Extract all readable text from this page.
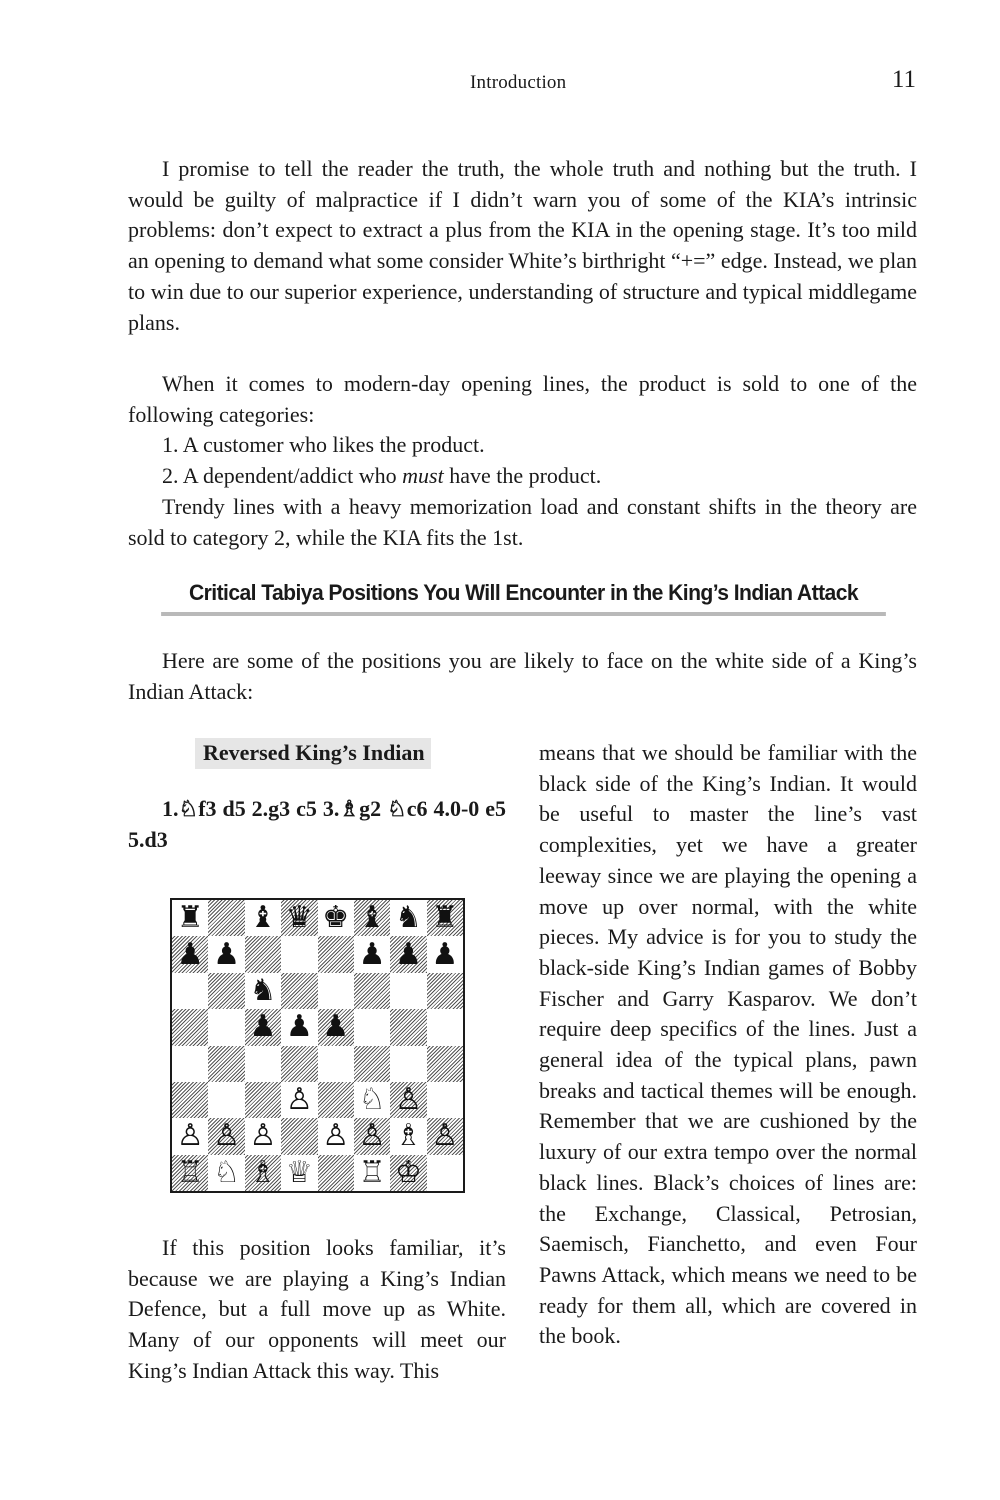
Introduction	11

I promise to tell the reader the truth, the whole truth and nothing but the truth. I would be guilty of malpractice if I didn’t warn you of some of the KIA’s intrinsic problems: don’t expect to extract a plus from the KIA in the opening stage. It’s too mild an opening to demand what some consider White’s birthright “+=” edge. Instead, we plan to win due to our superior experience, understanding of structure and typical middlegame plans.

When it comes to modern-day opening lines, the product is sold to one of the following categories:

1. A customer who likes the product.

2. A dependent/addict who must have the product.

Trendy lines with a heavy memorization load and constant shifts in the theory are sold to category 2, while the KIA fits the 1st.

Critical Tabiya Positions You Will Encounter in the King’s Indian Attack

Here are some of the positions you are likely to face on the white side of a King’s Indian Attack:

Reversed King’s Indian

1.♘f3 d5 2.g3 c5 3.♗g2 ♘c6 4.0-0 e5 5.d3

♜ ♝ ♛ ♚ ♝ ♞ ♜
♟ ♟	♟ ♟ ♟
♞
♟ ♟ ♟
♙ ♘ ♙
♙ ♙ ♙ ♙ ♙ ♗ ♙
♖ ♘ ♗ ♕ ♖ ♔

If this position looks familiar, it’s because we are playing a King’s Indian Defence, but a full move up as White. Many of our opponents will meet our King’s Indian Attack this way. This

means that we should be familiar with the black side of the King’s Indian. It would be useful to master the line’s vast complexities, yet we have a greater leeway since we are playing the opening a move up over normal, with the white pieces. My advice is for you to study the black-side King’s Indian games of Bobby Fischer and Garry Kasparov. We don’t require deep specifics of the lines. Just a general idea of the typical plans, pawn breaks and tactical themes will be enough. Remember that we are cushioned by the luxury of our extra tempo over the normal black lines. Black’s choices of lines are: the Exchange, Classical, Petrosian, Saemisch, Fianchetto, and even Four Pawns Attack, which means we need to be ready for them all, which are covered in the book.
